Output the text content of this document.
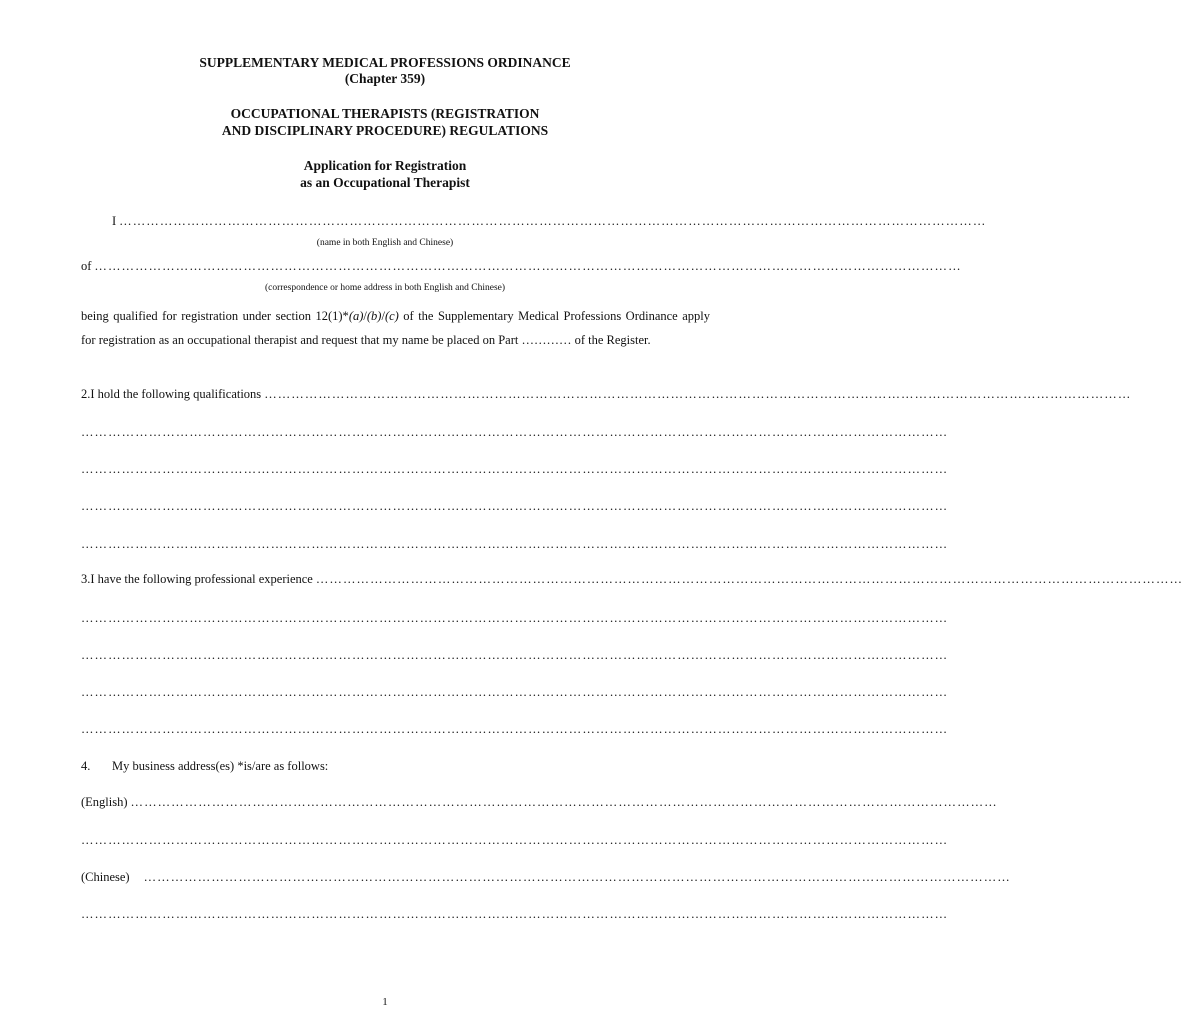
SUPPLEMENTARY MEDICAL PROFESSIONS ORDINANCE
(Chapter 359)
OCCUPATIONAL THERAPISTS (REGISTRATION
AND DISCIPLINARY PROCEDURE) REGULATIONS
Application for Registration
as an Occupational Therapist
I …………………………………………………………………………………………………………………………………………………………………………
(name in both English and Chinese)
of …………………………………………………………………………………………………………………………………………………………………………
(correspondence or home address in both English and Chinese)
being qualified for registration under section 12(1)*(a)/(b)/(c) of the Supplementary Medical Professions Ordinance apply for registration as an occupational therapist and request that my name be placed on Part ………… of the Register.
2. I hold the following qualifications …………………………………………………………………………………………………………………………………………………………………………
…………………………………………………………………………………………………………………………………………………………………………
…………………………………………………………………………………………………………………………………………………………………………
…………………………………………………………………………………………………………………………………………………………………………
…………………………………………………………………………………………………………………………………………………………………………
3. I have the following professional experience …………………………………………………………………………………………………………………………………………………………………………
…………………………………………………………………………………………………………………………………………………………………………
…………………………………………………………………………………………………………………………………………………………………………
…………………………………………………………………………………………………………………………………………………………………………
…………………………………………………………………………………………………………………………………………………………………………
4.	My business address(es) *is/are as follows:
(English) …………………………………………………………………………………………………………………………………………………………………………
…………………………………………………………………………………………………………………………………………………………………………
(Chinese) …………………………………………………………………………………………………………………………………………………………………………
…………………………………………………………………………………………………………………………………………………………………………
1
